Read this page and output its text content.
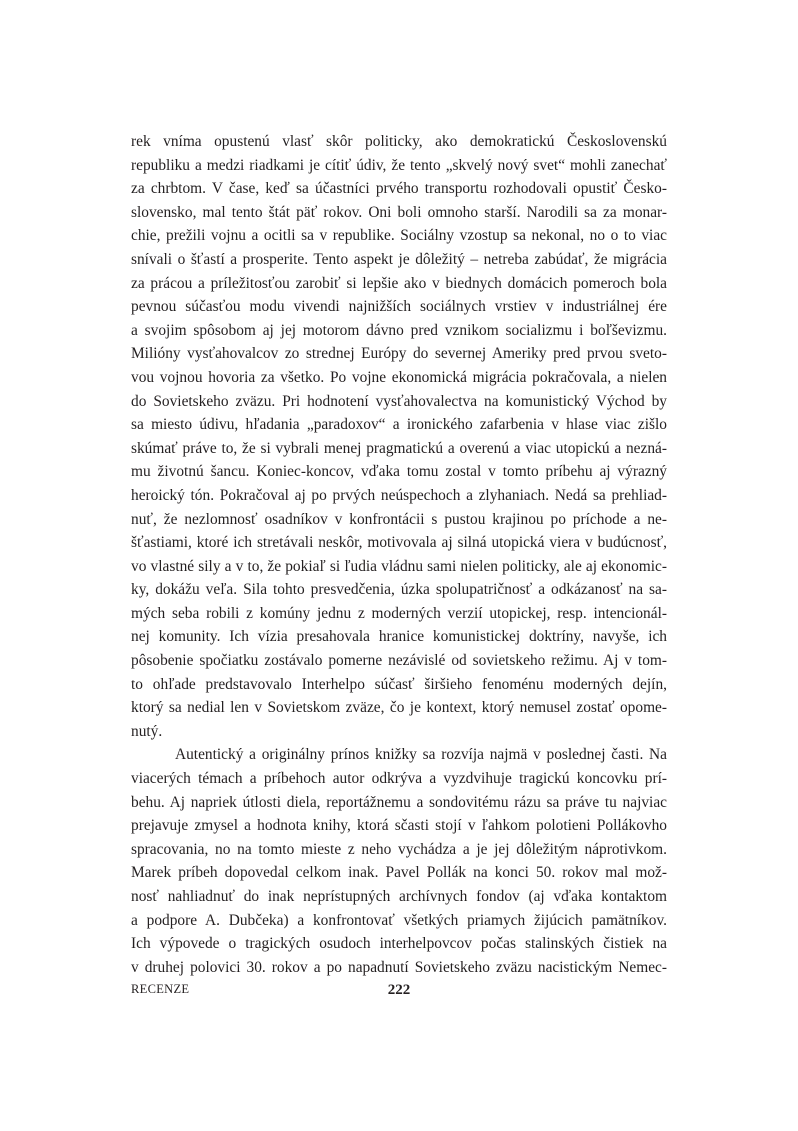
rek vníma opustenú vlasť skôr politicky, ako demokratickú Československú
republiku a medzi riadkami je cítiť údiv, že tento „skvelý nový svet“ mohli zanechať
za chrbtom. V čase, keď sa účastníci prvého transportu rozhodovali opustiť Česko-
slovensko, mal tento štát päť rokov. Oni boli omnoho starší. Narodili sa za monar-
chie, prežili vojnu a ocitli sa v republike. Sociálny vzostup sa nekonal, no o to viac
snívali o šťastí a prosperite. Tento aspekt je dôležitý – netreba zabúdať, že migrácia
za prácou a príležitosťou zarobiť si lepšie ako v biednych domácich pomeroch bola
pevnou súčasťou modu vivendi najnižších sociálnych vrstiev v industriálnej ére
a svojim spôsobom aj jej motorom dávno pred vznikom socializmu i boľševizmu.
Milióny vysťahovalcov zo strednej Európy do severnej Ameriky pred prvou sveto-
vou vojnou hovoria za všetko. Po vojne ekonomická migrácia pokračovala, a nielen
do Sovietskeho zväzu. Pri hodnotení vysťahovalectva na komunistický Východ by
sa miesto údivu, hľadania „paradoxov“ a ironického zafarbenia v hlase viac zišlo
skúmať práve to, že si vybrali menej pragmatickú a overenú a viac utopickú a nezná-
mu životnú šancu. Koniec-koncov, vďaka tomu zostal v tomto príbehu aj výrazný
heroický tón. Pokračoval aj po prvých neúspechoch a zlyhaniach. Nedá sa prehliad-
nuť, že nezlomnosť osadníkov v konfrontácii s pustou krajinou po príchode a ne-
šťastiami, ktoré ich stretávali neskôr, motivovala aj silná utopická viera v budúcnosť,
vo vlastné sily a v to, že pokiaľ si ľudia vládnu sami nielen politicky, ale aj ekonomic-
ky, dokážu veľa. Sila tohto presvedčenia, úzka spolupatričnosť a odkázanosť na sa-
mých seba robili z komúny jednu z moderných verzií utopickej, resp. intencionál-
nej komunity. Ich vízia presahovala hranice komunistickej doktríny, navyše, ich
pôsobenie spočiatku zostávalo pomerne nezávislé od sovietskeho režimu. Aj v tom-
to ohľade predstavovalo Interhelpo súčasť širšieho fenoménu moderných dejín,
ktorý sa nedial len v Sovietskom zväze, čo je kontext, ktorý nemusel zostať opome-
nutý.
Autentický a originálny prínos knižky sa rozvíja najmä v poslednej časti. Na
viacerých témach a príbehoch autor odkrýva a vyzdvihuje tragickú koncovku prí-
behu. Aj napriek útlosti diela, reportážnemu a sondovitému rázu sa práve tu najviac
prejavuje zmysel a hodnota knihy, ktorá sčasti stojí v ľahkom polotieni Pollákovho
spracovania, no na tomto mieste z neho vychádza a je jej dôležitým náprotivkom.
Marek príbeh dopovedal celkom inak. Pavel Pollák na konci 50. rokov mal mož-
nosť nahliadnuť do inak neprístupných archívnych fondov (aj vďaka kontaktom
a podpore A. Dubčeka) a konfrontovať všetkých priamych žijúcich pamätníkov.
Ich výpovede o tragických osudoch interhelpovcov počas stalinských čistiek na
v druhej polovici 30. rokov a po napadnutí Sovietskeho zväzu nacistickým Nemec-
RECENZE	222
